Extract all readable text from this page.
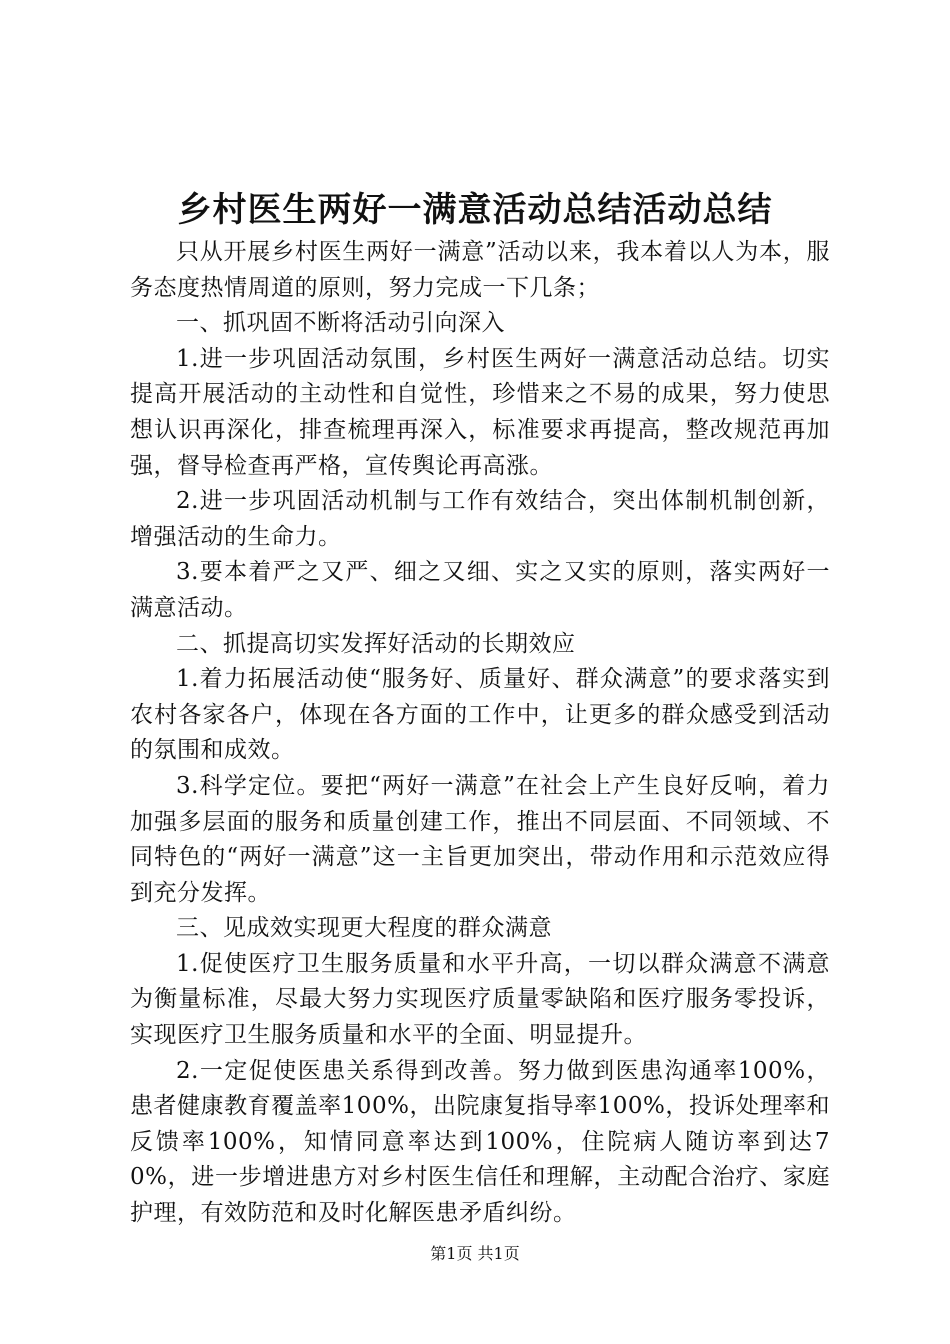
乡村医生两好一满意活动总结活动总结

只从开展乡村医生两好一满意”活动以来，我本着以人为本，服务态度热情周道的原则，努力完成一下几条；

一、抓巩固不断将活动引向深入

1.进一步巩固活动氛围，乡村医生两好一满意活动总结。切实提高开展活动的主动性和自觉性，珍惜来之不易的成果，努力使思想认识再深化，排查梳理再深入，标准要求再提高，整改规范再加强，督导检查再严格，宣传舆论再高涨。

2.进一步巩固活动机制与工作有效结合，突出体制机制创新，增强活动的生命力。

3.要本着严之又严、细之又细、实之又实的原则，落实两好一满意活动。

二、抓提高切实发挥好活动的长期效应

1.着力拓展活动使“服务好、质量好、群众满意”的要求落实到农村各家各户，体现在各方面的工作中，让更多的群众感受到活动的氛围和成效。

3.科学定位。要把“两好一满意”在社会上产生良好反响，着力加强多层面的服务和质量创建工作，推出不同层面、不同领域、不同特色的“两好一满意”这一主旨更加突出，带动作用和示范效应得到充分发挥。

三、见成效实现更大程度的群众满意

1.促使医疗卫生服务质量和水平升高，一切以群众满意不满意为衡量标准，尽最大努力实现医疗质量零缺陷和医疗服务零投诉，实现医疗卫生服务质量和水平的全面、明显提升。

2.一定促使医患关系得到改善。努力做到医患沟通率100%，患者健康教育覆盖率100%，出院康复指导率100%，投诉处理率和反馈率100%，知情同意率达到100%，住院病人随访率到达70%，进一步增进患方对乡村医生信任和理解，主动配合治疗、家庭护理，有效防范和及时化解医患矛盾纠纷。

第1页 共1页
